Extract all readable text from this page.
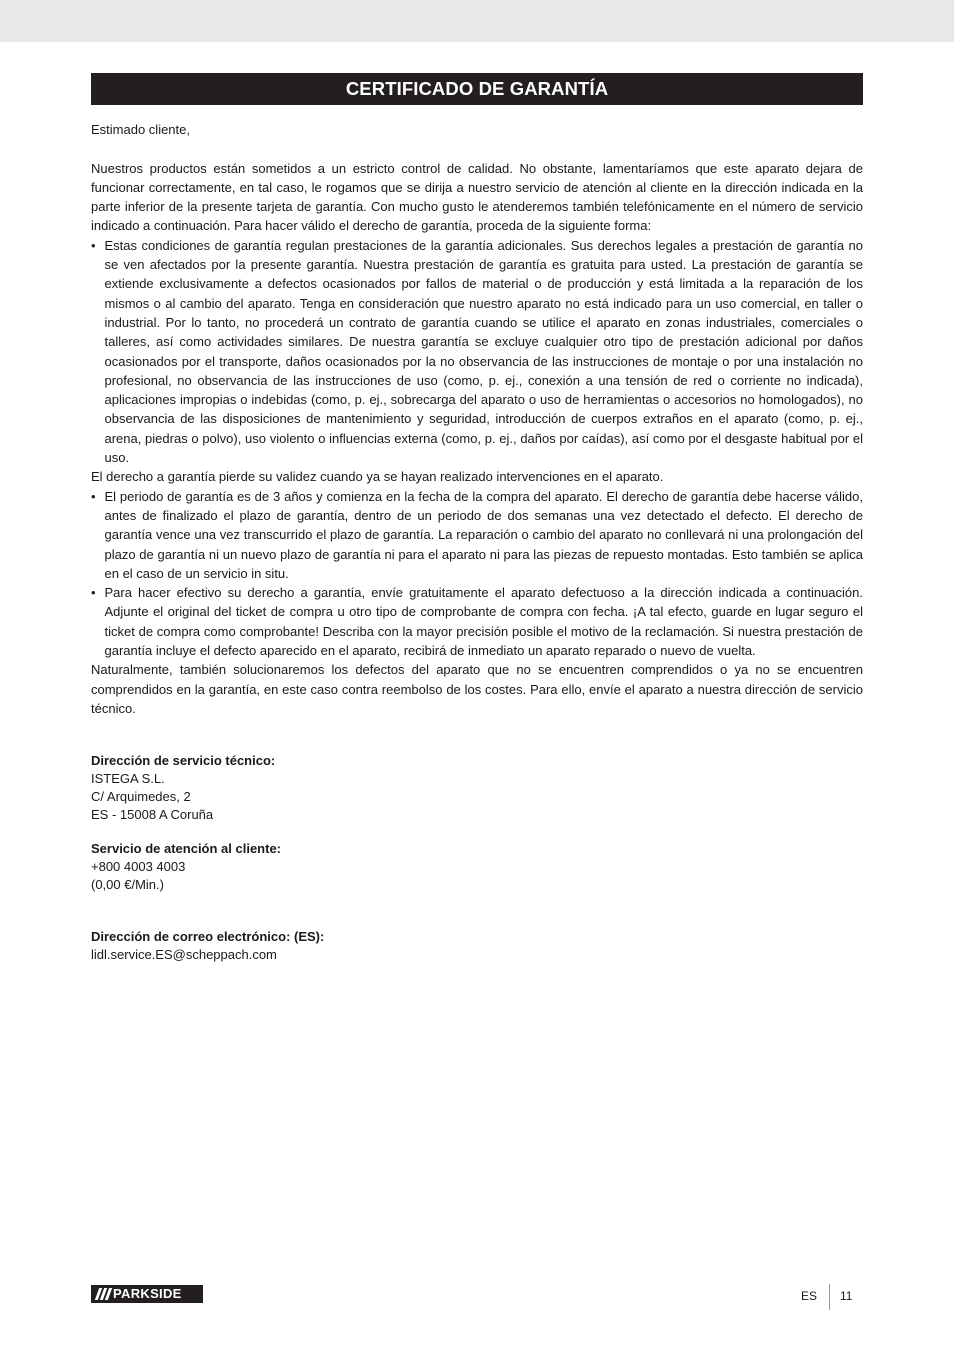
CERTIFICADO DE GARANTÍA

Estimado cliente,

Nuestros productos están sometidos a un estricto control de calidad. No obstante, lamentaríamos que este aparato dejara de funcionar correctamente, en tal caso, le rogamos que se dirija a nuestro servicio de atención al cliente en la dirección indicada en la parte inferior de la presente tarjeta de garantía. Con mucho gusto le atenderemos también telefónicamente en el número de servicio indicado a continuación. Para hacer válido el derecho de garantía, proceda de la siguiente forma:

• Estas condiciones de garantía regulan prestaciones de la garantía adicionales. Sus derechos legales a prestación de garantía no se ven afectados por la presente garantía. Nuestra prestación de garantía es gratuita para usted. La prestación de garantía se extiende exclusivamente a defectos ocasionados por fallos de material o de producción y está limitada a la reparación de los mismos o al cambio del aparato. Tenga en consideración que nuestro aparato no está indicado para un uso comercial, en taller o industrial. Por lo tanto, no procederá un contrato de garantía cuando se utilice el aparato en zonas industriales, comerciales o talleres, así como actividades similares. De nuestra garantía se excluye cualquier otro tipo de prestación adicional por daños ocasionados por el transporte, daños ocasionados por la no observancia de las instrucciones de montaje o por una instalación no profesional, no observancia de las instrucciones de uso (como, p. ej., conexión a una tensión de red o corriente no indicada), aplicaciones impropias o indebidas (como, p. ej., sobrecarga del aparato o uso de herramientas o accesorios no homologados), no observancia de las disposiciones de mantenimiento y seguridad, introducción de cuerpos extraños en el aparato (como, p. ej., arena, piedras o polvo), uso violento o influencias externa (como, p. ej., daños por caídas), así como por el desgaste habitual por el uso.

El derecho a garantía pierde su validez cuando ya se hayan realizado intervenciones en el aparato.

• El periodo de garantía es de 3 años y comienza en la fecha de la compra del aparato. El derecho de garantía debe hacerse válido, antes de finalizado el plazo de garantía, dentro de un periodo de dos semanas una vez detectado el defecto. El derecho de garantía vence una vez transcurrido el plazo de garantía. La reparación o cambio del aparato no conllevará ni una prolongación del plazo de garantía ni un nuevo plazo de garantía ni para el aparato ni para las piezas de repuesto montadas. Esto también se aplica en el caso de un servicio in situ.

• Para hacer efectivo su derecho a garantía, envíe gratuitamente el aparato defectuoso a la dirección indicada a continuación. Adjunte el original del ticket de compra u otro tipo de comprobante de compra con fecha. ¡A tal efecto, guarde en lugar seguro el ticket de compra como comprobante! Describa con la mayor precisión posible el motivo de la reclamación. Si nuestra prestación de garantía incluye el defecto aparecido en el aparato, recibirá de inmediato un aparato reparado o nuevo de vuelta.

Naturalmente, también solucionaremos los defectos del aparato que no se encuentren comprendidos o ya no se encuentren comprendidos en la garantía, en este caso contra reembolso de los costes. Para ello, envíe el aparato a nuestra dirección de servicio técnico.

Dirección de servicio técnico:
ISTEGA S.L.
C/ Arquimedes, 2
ES - 15008 A Coruña
Servicio de atención al cliente:
+800 4003 4003
(0,00 €/Min.)
Dirección de correo electrónico: (ES):
lidl.service.ES@scheppach.com
PARKSIDE	ES 11
